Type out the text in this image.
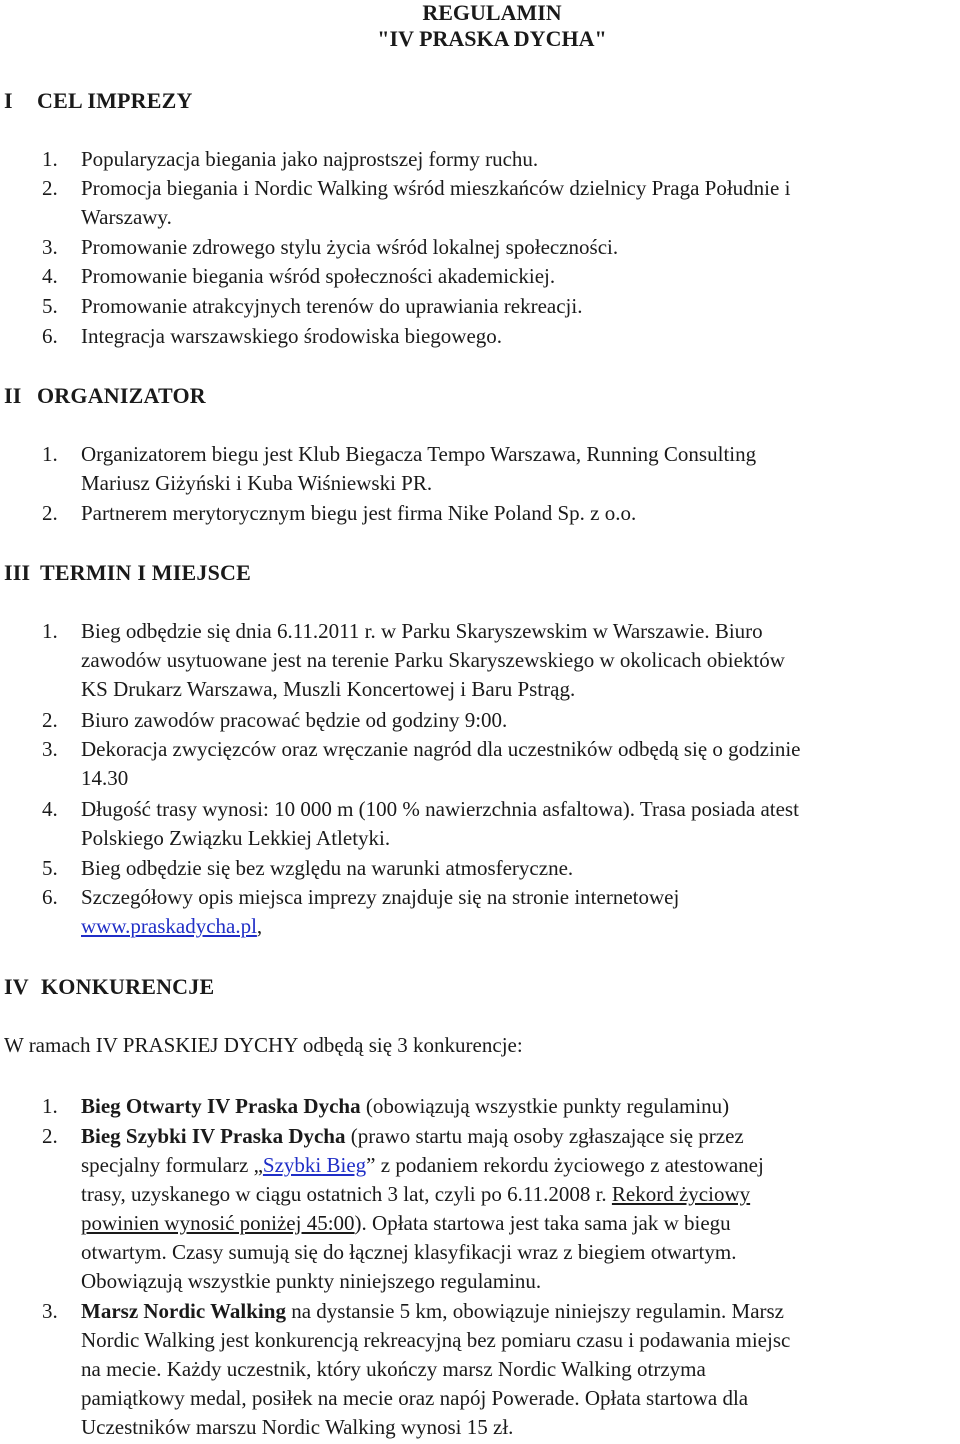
REGULAMIN
"IV PRASKA DYCHA"
I CEL IMPREZY
1. Popularyzacja biegania jako najprostszej formy ruchu.
2. Promocja biegania i Nordic Walking wśród mieszkańców dzielnicy Praga Południe i
Warszawy.
3. Promowanie zdrowego stylu życia wśród lokalnej społeczności.
4. Promowanie biegania wśród społeczności akademickiej.
5. Promowanie atrakcyjnych terenów do uprawiania rekreacji.
6. Integracja warszawskiego środowiska biegowego.
II ORGANIZATOR
1. Organizatorem biegu jest Klub Biegacza Tempo Warszawa, Running Consulting
Mariusz Giżyński i Kuba Wiśniewski PR.
2. Partnerem merytorycznym biegu jest firma Nike Poland Sp. z o.o.
III TERMIN I MIEJSCE
1. Bieg odbędzie się dnia 6.11.2011 r. w Parku Skaryszewskim w Warszawie. Biuro
zawodów usytuowane jest na terenie Parku Skaryszewskiego w okolicach obiektów
KS Drukarz Warszawa, Muszli Koncertowej i Baru Pstrąg.
2. Biuro zawodów pracować będzie od godziny 9:00.
3. Dekoracja zwycięzców oraz wręczanie nagród dla uczestników odbędą się o godzinie
14.30
4. Długość trasy wynosi: 10 000 m (100 % nawierzchnia asfaltowa). Trasa posiada atest
Polskiego Związku Lekkiej Atletyki.
5. Bieg odbędzie się bez względu na warunki atmosferyczne.
6. Szczegółowy opis miejsca imprezy znajduje się na stronie internetowej
www.praskadycha.pl,
IV KONKURENCJE
W ramach IV PRASKIEJ DYCHY odbędą się 3 konkurencje:
1. Bieg Otwarty IV Praska Dycha (obowiązują wszystkie punkty regulaminu)
2. Bieg Szybki IV Praska Dycha (prawo startu mają osoby zgłaszające się przez
specjalny formularz „Szybki Bieg” z podaniem rekordu życiowego z atestowanej
trasy, uzyskanego w ciągu ostatnich 3 lat, czyli po 6.11.2008 r. Rekord życiowy
powinien wynosić poniżej 45:00). Opłata startowa jest taka sama jak w biegu
otwartym. Czasy sumują się do łącznej klasyfikacji wraz z biegiem otwartym.
Obowiązują wszystkie punkty niniejszego regulaminu.
3. Marsz Nordic Walking na dystansie 5 km, obowiązuje niniejszy regulamin. Marsz
Nordic Walking jest konkurencją rekreacyjną bez pomiaru czasu i podawania miejsc
na mecie. Każdy uczestnik, który ukończy marsz Nordic Walking otrzyma
pamiątkowy medal, posiłek na mecie oraz napój Powerade. Opłata startowa dla
Uczestników marszu Nordic Walking wynosi 15 zł.
